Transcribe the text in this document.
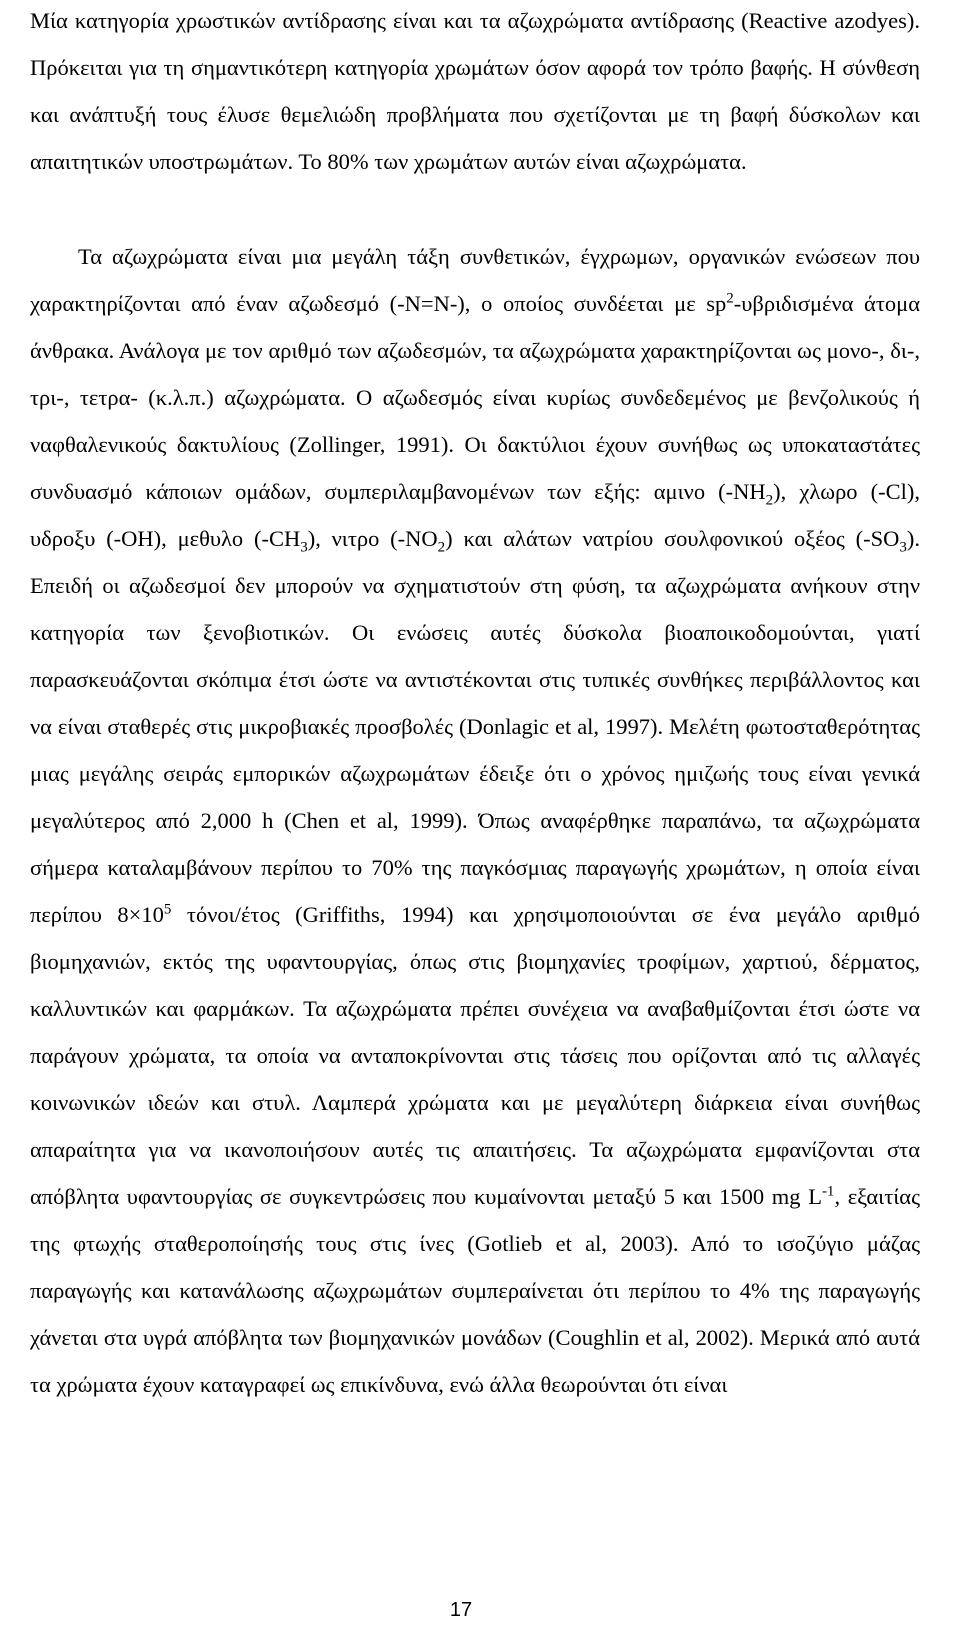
Μία κατηγορία χρωστικών αντίδρασης είναι και τα αζωχρώματα αντίδρασης (Reactive azodyes). Πρόκειται για τη σημαντικότερη κατηγορία χρωμάτων όσον αφορά τον τρόπο βαφής. Η σύνθεση και ανάπτυξή τους έλυσε θεμελιώδη προβλήματα που σχετίζονται με τη βαφή δύσκολων και απαιτητικών υποστρωμάτων. Το 80% των χρωμάτων αυτών είναι αζωχρώματα.

Τα αζωχρώματα είναι μια μεγάλη τάξη συνθετικών, έγχρωμων, οργανικών ενώσεων που χαρακτηρίζονται από έναν αζωδεσμό (-N=N-), ο οποίος συνδέεται με $sp^2$-υβριδισμένα άτομα άνθρακα. Ανάλογα με τον αριθμό των αζωδεσμών, τα αζωχρώματα χαρακτηρίζονται ως μονο-, δι-, τρι-, τετρα- (κ.λ.π.) αζωχρώματα. Ο αζωδεσμός είναι κυρίως συνδεδεμένος με βενζολικούς ή ναφθαλενικούς δακτυλίους (Zollinger, 1991). Οι δακτύλιοι έχουν συνήθως ως υποκαταστάτες συνδυασμό κάποιων ομάδων, συμπεριλαμβανομένων των εξής: αμινο $(-NH_2)$, χλωρο (-Cl), υδροξυ (-OH), μεθυλο $(-CH_3)$, νιτρο $(-NO_2)$ και αλάτων νατρίου σουλφονικού οξέος $(-SO_3)$. Επειδή οι αζωδεσμοί δεν μπορούν να σχηματιστούν στη φύση, τα αζωχρώματα ανήκουν στην κατηγορία των ξενοβιοτικών. Οι ενώσεις αυτές δύσκολα βιοαποικοδομούνται, γιατί παρασκευάζονται σκόπιμα έτσι ώστε να αντιστέκονται στις τυπικές συνθήκες περιβάλλοντος και να είναι σταθερές στις μικροβιακές προσβολές (Donlagic et al, 1997). Μελέτη φωτοσταθερότητας μιας μεγάλης σειράς εμπορικών αζωχρωμάτων έδειξε ότι ο χρόνος ημιζωής τους είναι γενικά μεγαλύτερος από 2,000 h (Chen et al, 1999). Όπως αναφέρθηκε παραπάνω, τα αζωχρώματα σήμερα καταλαμβάνουν περίπου το 70% της παγκόσμιας παραγωγής χρωμάτων, η οποία είναι περίπου $8\times 10^5$ τόνοι/έτος (Griffiths, 1994) και χρησιμοποιούνται σε ένα μεγάλο αριθμό βιομηχανιών, εκτός της υφαντουργίας, όπως στις βιομηχανίες τροφίμων, χαρτιού, δέρματος, καλλυντικών και φαρμάκων. Τα αζωχρώματα πρέπει συνέχεια να αναβαθμίζονται έτσι ώστε να παράγουν χρώματα, τα οποία να ανταποκρίνονται στις τάσεις που ορίζονται από τις αλλαγές κοινωνικών ιδεών και στυλ. Λαμπερά χρώματα και με μεγαλύτερη διάρκεια είναι συνήθως απαραίτητα για να ικανοποιήσουν αυτές τις απαιτήσεις. Τα αζωχρώματα εμφανίζονται στα απόβλητα υφαντουργίας σε συγκεντρώσεις που κυμαίνονται μεταξύ 5 και 1500 mg $L^{-1}$, εξαιτίας της φτωχής σταθεροποίησής τους στις ίνες (Gotlieb et al, 2003). Από το ισοζύγιο μάζας παραγωγής και κατανάλωσης αζωχρωμάτων συμπεραίνεται ότι περίπου το 4% της παραγωγής χάνεται στα υγρά απόβλητα των βιομηχανικών μονάδων (Coughlin et al, 2002). Μερικά από αυτά τα χρώματα έχουν καταγραφεί ως επικίνδυνα, ενώ άλλα θεωρούνται ότι είναι

17
